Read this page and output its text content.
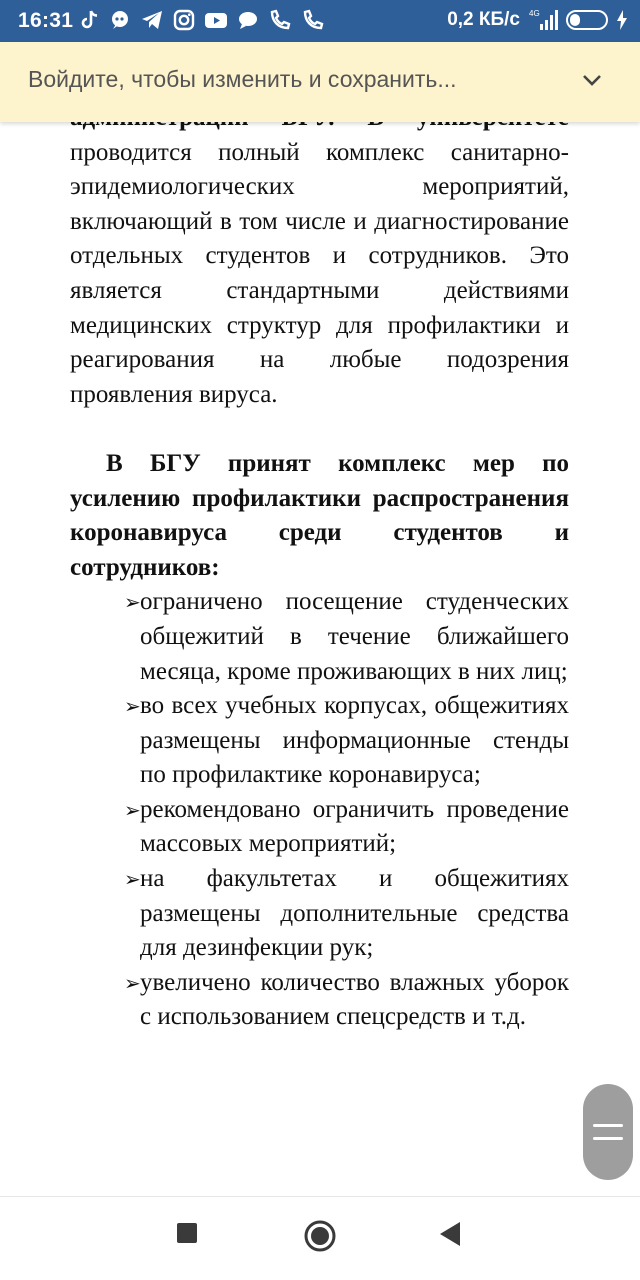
16:31	0,2 КБ/с 4G	25
Войдите, чтобы изменить и сохранить...

проводится полный комплекс санитарно-эпидемиологических мероприятий, включающий в том числе и диагностирование отдельных студентов и сотрудников. Это является стандартными действиями медицинских структур для профилактики и реагирования на любые подозрения проявления вируса.

В БГУ принят комплекс мер по усилению профилактики распространения коронавируса среди студентов и сотрудников:

➢ ограничено посещение студенческих общежитий в течение ближайшего месяца, кроме проживающих в них лиц;
➢ во всех учебных корпусах, общежитиях размещены информационные стенды по профилактике коронавируса;
➢ рекомендовано ограничить проведение массовых мероприятий;
➢ на факультетах и общежитиях размещены дополнительные средства для дезинфекции рук;
➢ увеличено количество влажных уборок с использованием спецсредств и т.д.
